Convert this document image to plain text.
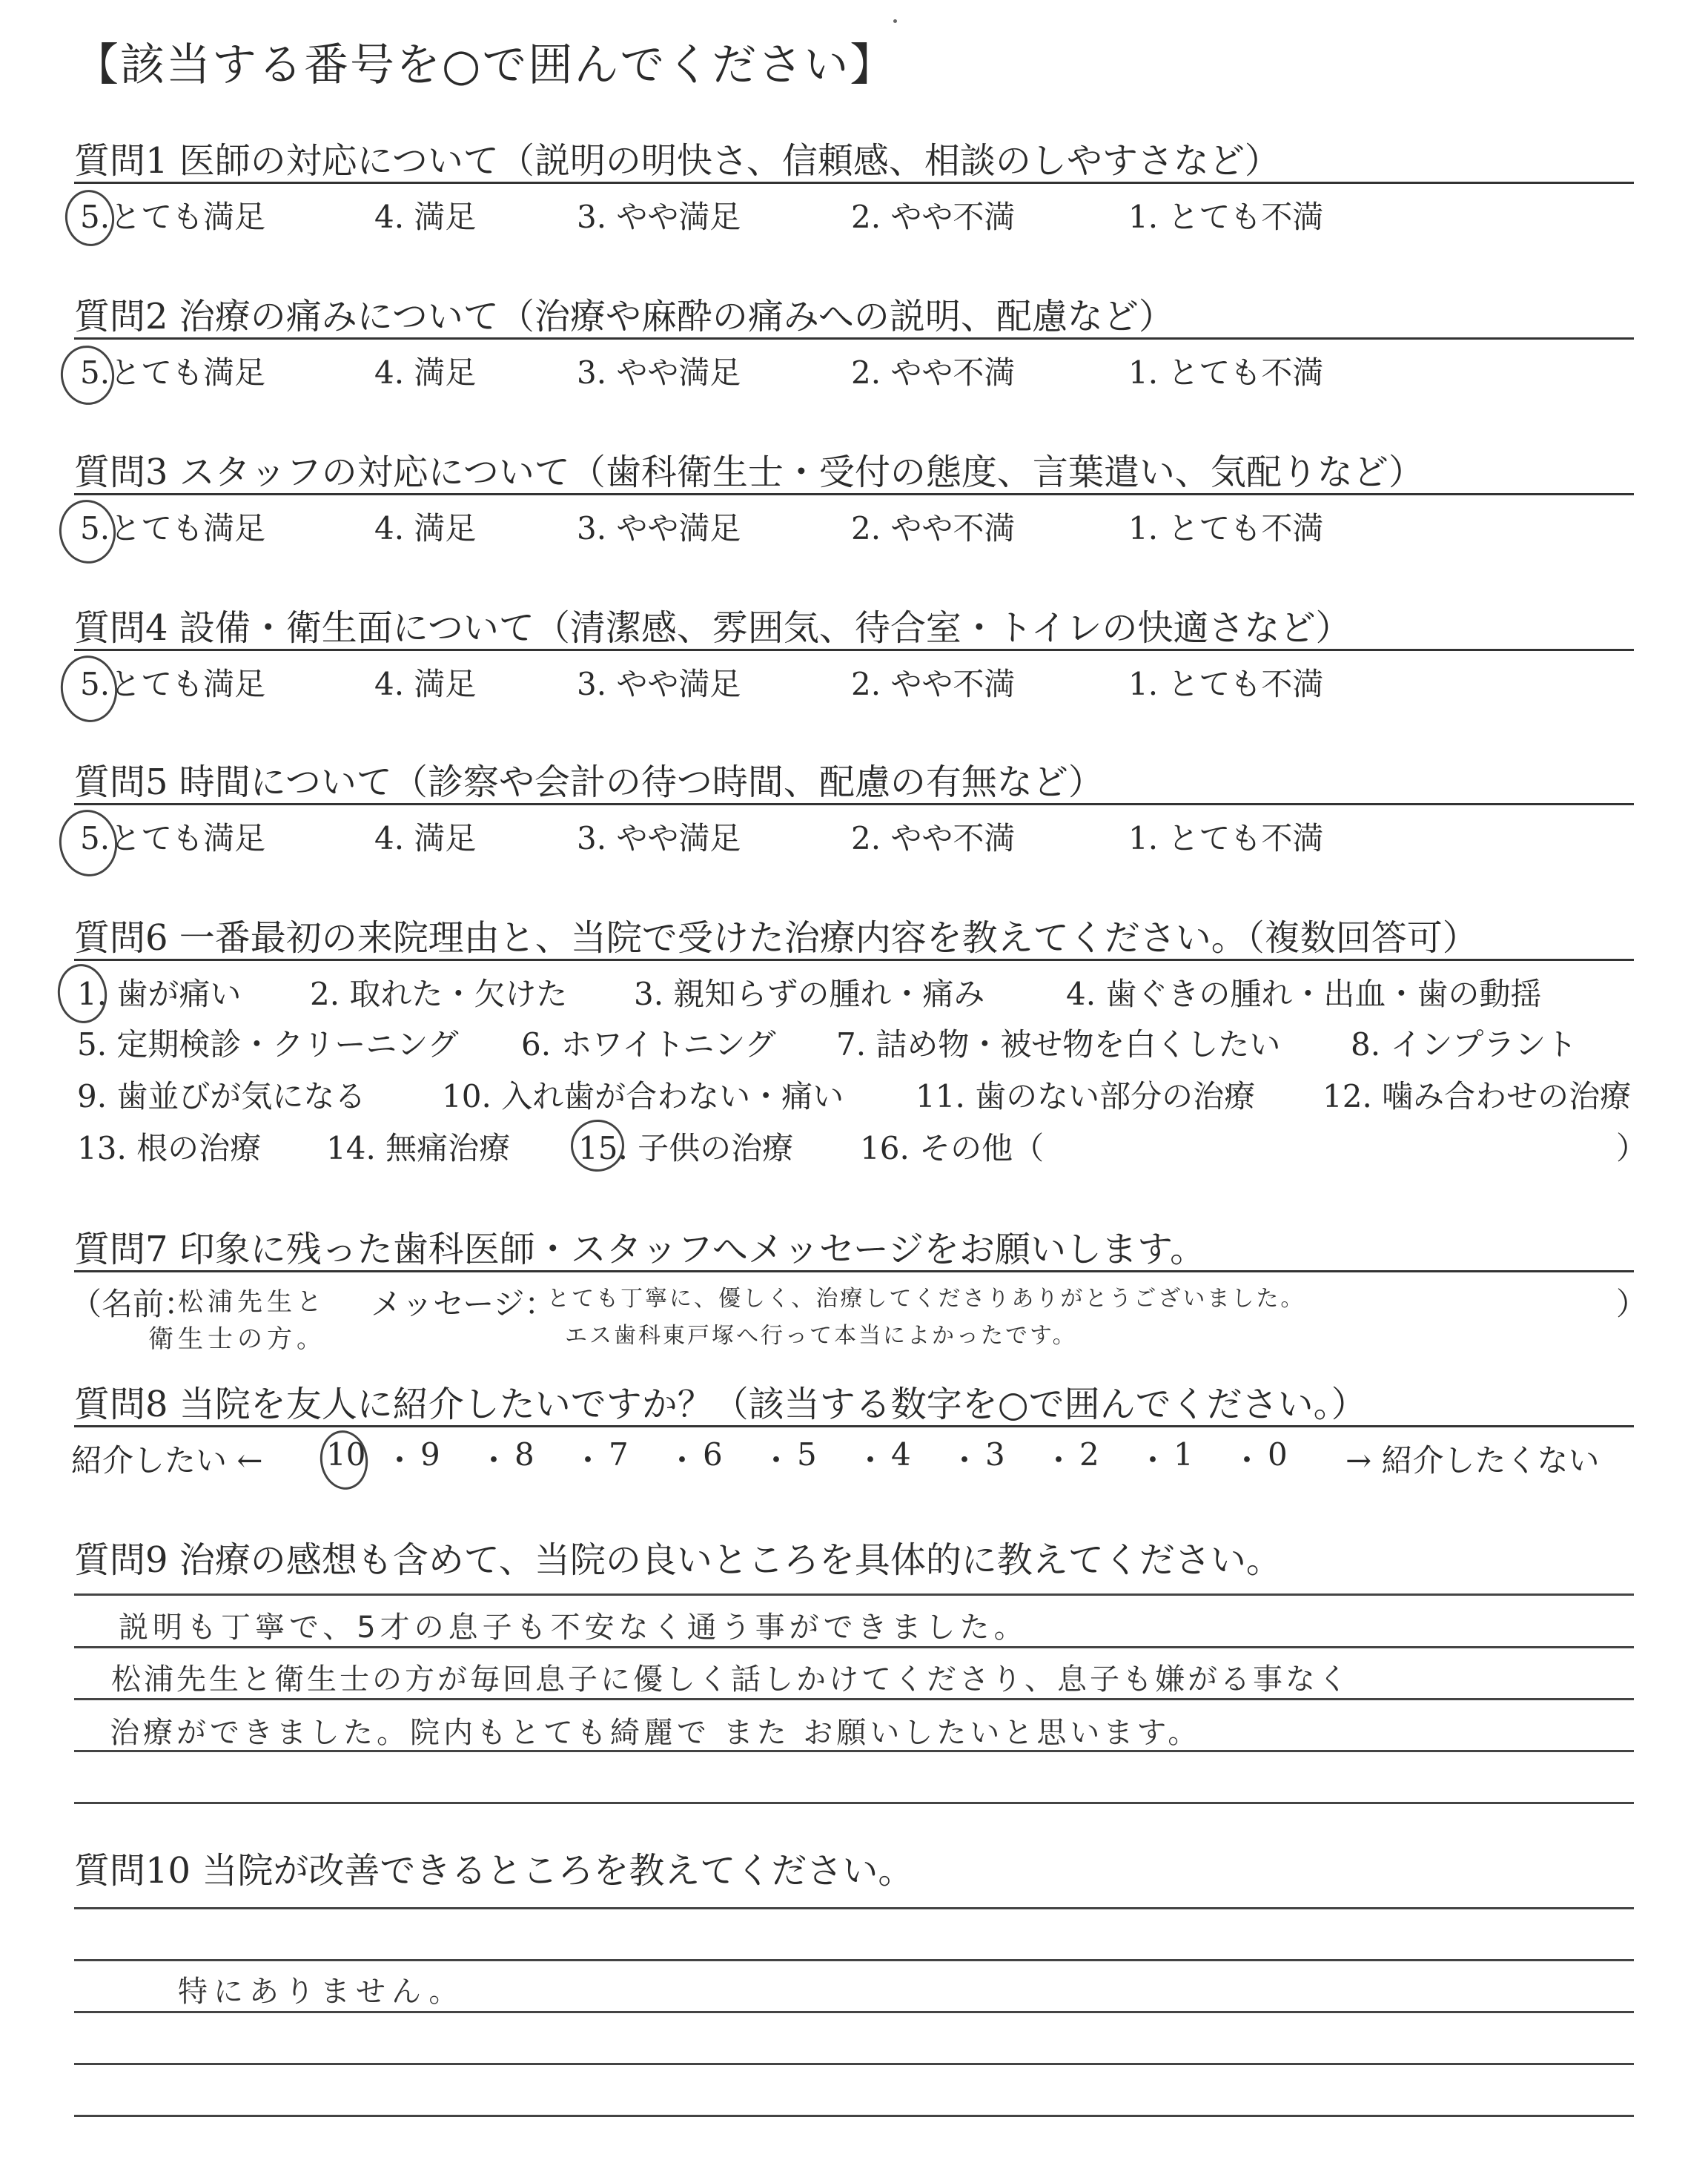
【該当する番号を○で囲んでください】
質問1 医師の対応について（説明の明快さ、信頼感、相談のしやすさなど）
5.とても満足	4. 満足	3. やや満足	2. やや不満	1. とても不満
質問2 治療の痛みについて（治療や麻酔の痛みへの説明、配慮など）
5.とても満足	4. 満足	3. やや満足	2. やや不満	1. とても不満
質問3 スタッフの対応について（歯科衛生士・受付の態度、言葉遣い、気配りなど）
5.とても満足	4. 満足	3. やや満足	2. やや不満	1. とても不満
質問4 設備・衛生面について（清潔感、雰囲気、待合室・トイレの快適さなど）
5.とても満足	4. 満足	3. やや満足	2. やや不満	1. とても不満
質問5 時間について（診察や会計の待つ時間、配慮の有無など）
5.とても満足	4. 満足	3. やや満足	2. やや不満	1. とても不満
質問6 一番最初の来院理由と、当院で受けた治療内容を教えてください。（複数回答可）
1. 歯が痛い 2. 取れた・欠けた 3. 親知らずの腫れ・痛み	4. 歯ぐきの腫れ・出血・歯の動揺
5. 定期検診・クリーニング 6. ホワイトニング 7. 詰め物・被せ物を白くしたい 8. インプラント
9. 歯並びが気になる 10. 入れ歯が合わない・痛い 11. 歯のない部分の治療 12. 噛み合わせの治療
13. 根の治療 14. 無痛治療 15. 子供の治療 16. その他（	）
質問7 印象に残った歯科医師・スタッフへメッセージをお願いします。
（名前：
松浦先生と
衛生士の方。
メッセージ：
とても丁寧に、優しく、治療してくださりありがとうございました。
エス歯科東戸塚へ行って本当によかったです。
）
質問8 当院を友人に紹介したいですか？（該当する数字を○で囲んでください。）
紹介したい ← 10 ・ 9 ・ 8 ・ 7 ・ 6 ・ 5 ・ 4 ・ 3 ・ 2 ・ 1 ・ 0 → 紹介したくない
質問9 治療の感想も含めて、当院の良いところを具体的に教えてください。
説明も丁寧で、5才の息子も不安なく通う事ができました。
松浦先生と衛生士の方が毎回息子に優しく話しかけてくださり、息子も嫌がる事なく
治療ができました。院内もとても綺麗で また お願いしたいと思います。
質問10 当院が改善できるところを教えてください。
特にありません。
